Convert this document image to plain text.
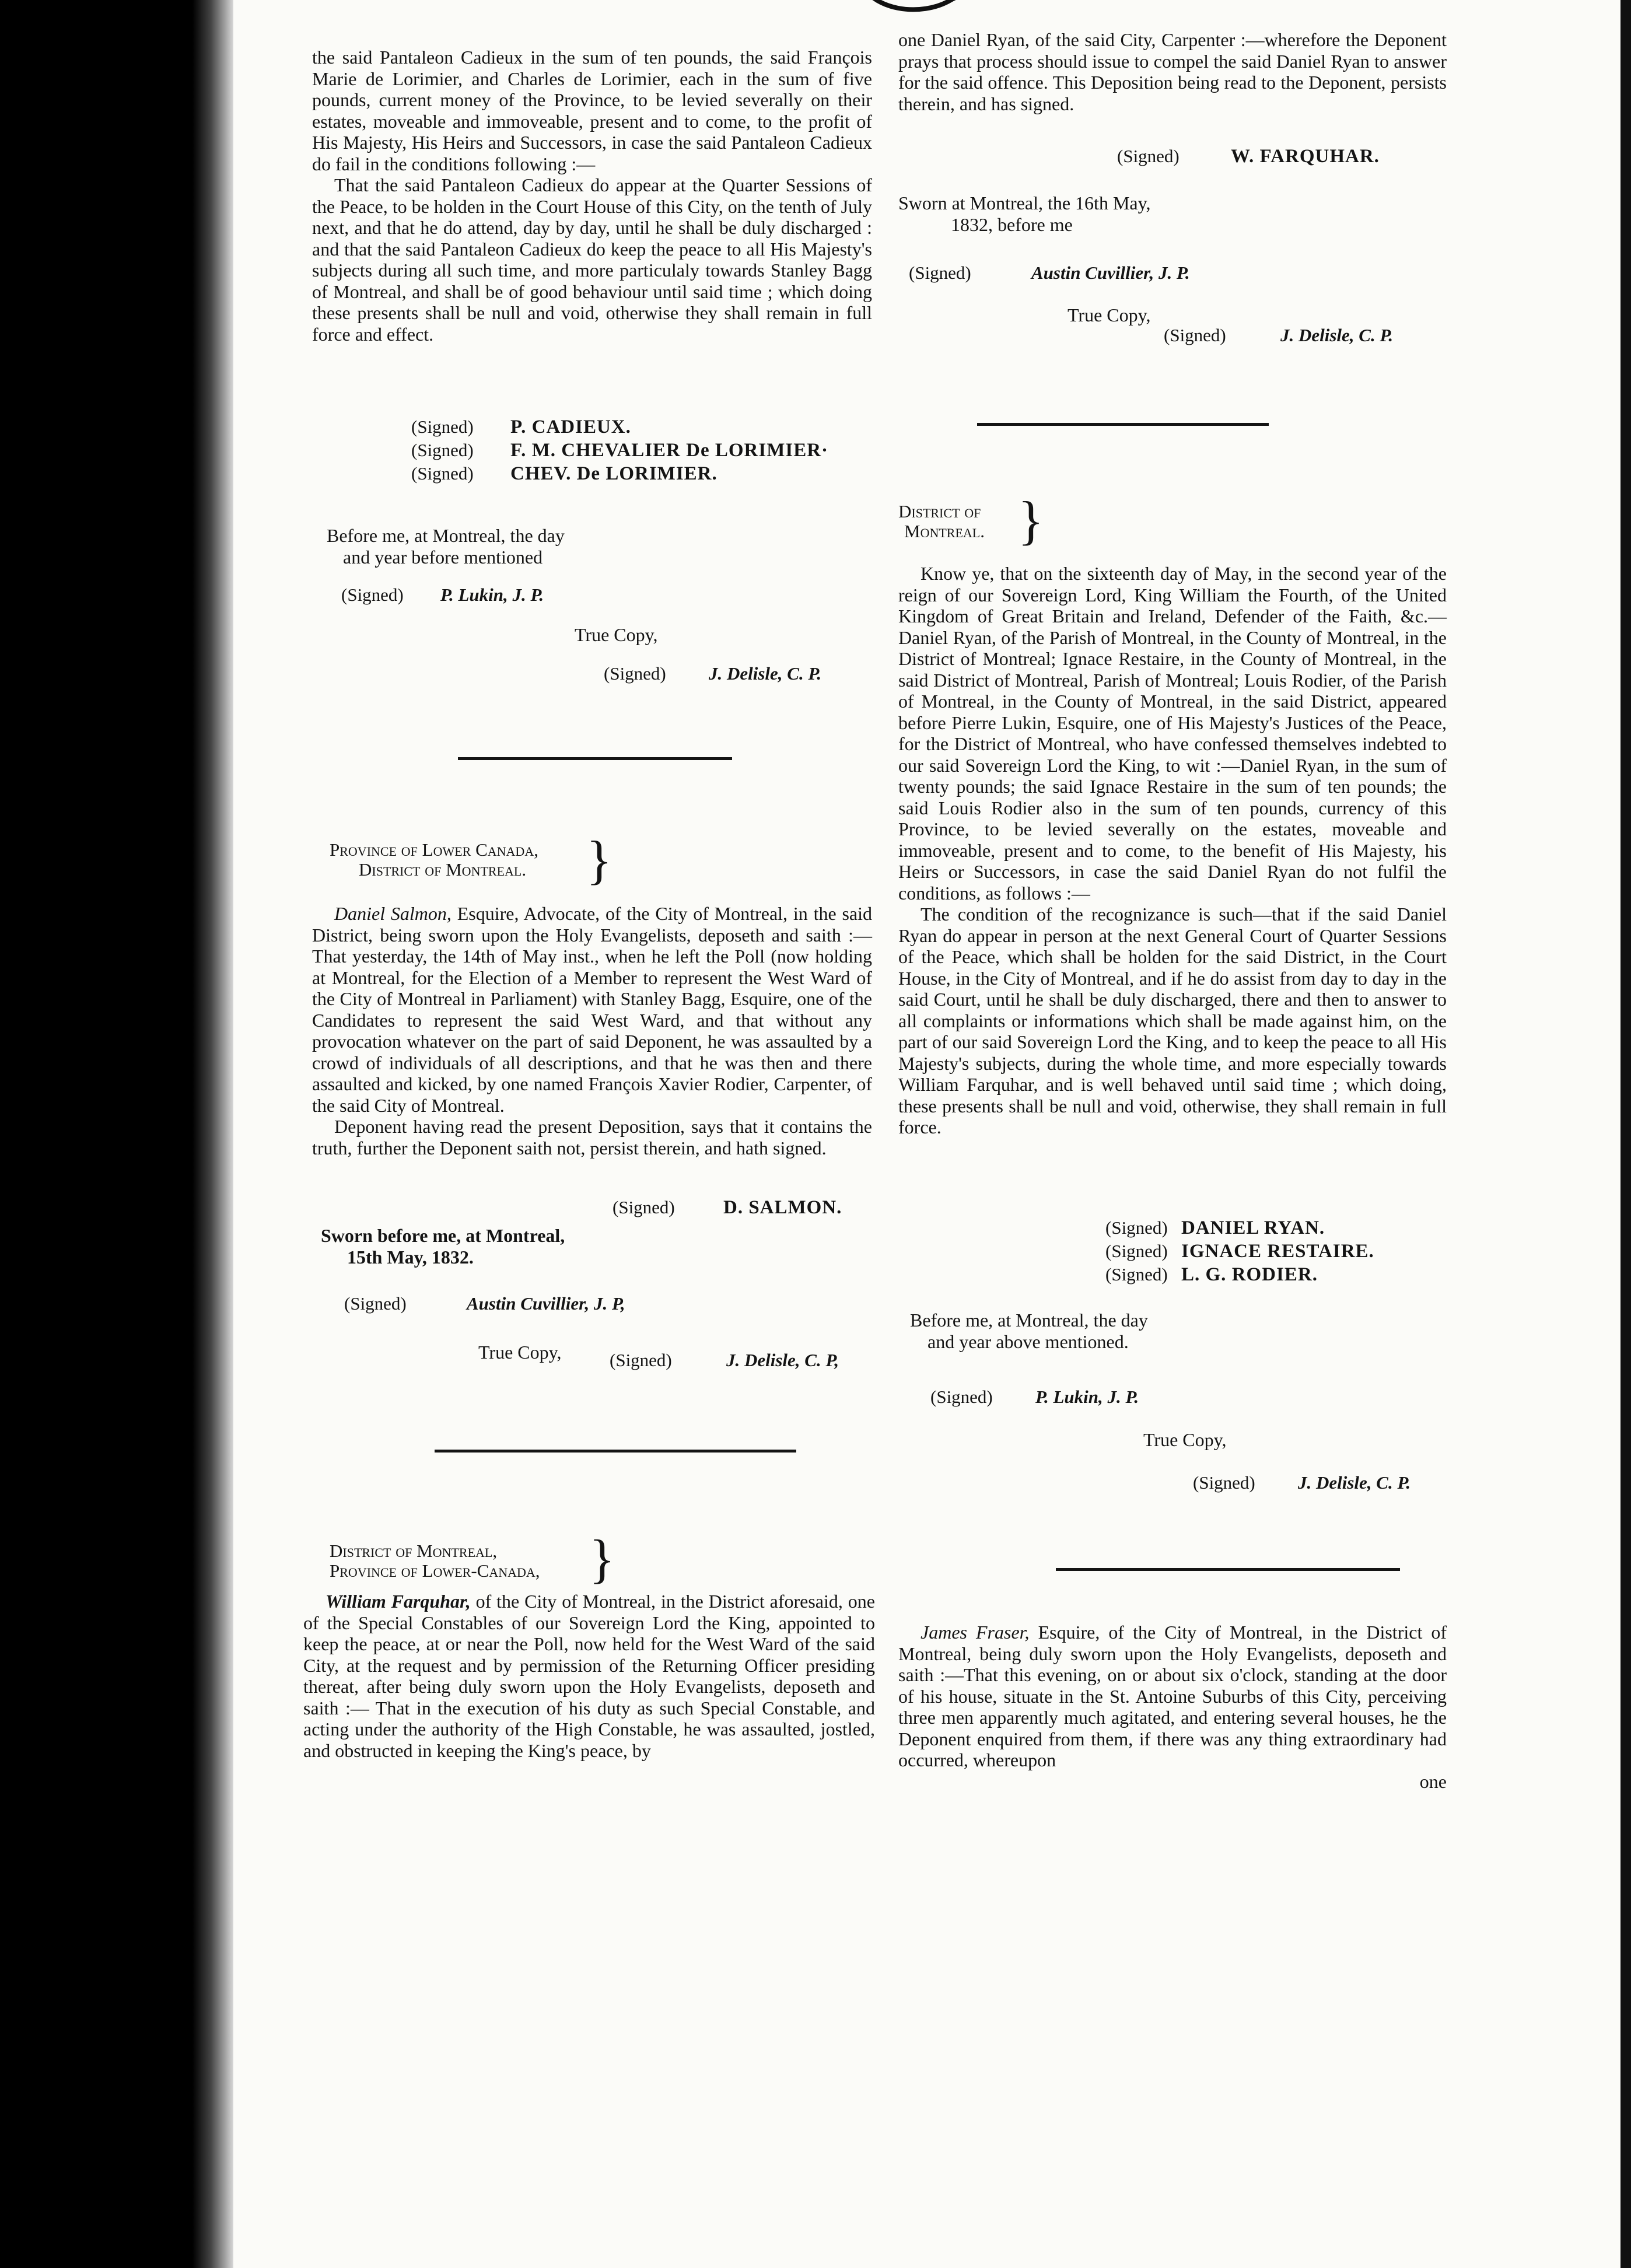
the said Pantaleon Cadieux in the sum of ten pounds, the said François Marie de Lorimier, and Charles de Lorimier, each in the sum of five pounds, current money of the Province, to be levied severally on their estates, moveable and immoveable, present and to come, to the profit of His Majesty, His Heirs and Successors, in case the said Pantaleon Cadieux do fail in the conditions following :—

That the said Pantaleon Cadieux do appear at the Quarter Sessions of the Peace, to be holden in the Court House of this City, on the tenth of July next, and that he do attend, day by day, until he shall be duly discharged : and that the said Pantaleon Cadieux do keep the peace to all His Majesty's subjects during all such time, and more particulaly towards Stanley Bagg of Montreal, and shall be of good behaviour until said time ; which doing these presents shall be null and void, otherwise they shall remain in full force and effect.

(Signed) P. CADIEUX.
(Signed) F. M. CHEVALIER De LORIMIER·
(Signed) CHEV. De LORIMIER.
Before me, at Montreal, the day
and year before mentioned
(Signed) P. Lukin, J. P.
True Copy,
(Signed) J. Delisle, C. P.
Province of Lower Canada,
District of Montreal.	}

Daniel Salmon, Esquire, Advocate, of the City of Montreal, in the said District, being sworn upon the Holy Evangelists, deposeth and saith :—That yesterday, the 14th of May inst., when he left the Poll (now holding at Montreal, for the Election of a Member to represent the West Ward of the City of Montreal in Parliament) with Stanley Bagg, Esquire, one of the Candidates to represent the said West Ward, and that without any provocation whatever on the part of said Deponent, he was assaulted by a crowd of individuals of all descriptions, and that he was then and there assaulted and kicked, by one named François Xavier Rodier, Carpenter, of the said City of Montreal.

Deponent having read the present Deposition, says that it contains the truth, further the Deponent saith not, persist therein, and hath signed.

(Signed)	D. SALMON.
Sworn before me, at Montreal,
15th May, 1832.
(Signed)	Austin Cuvillier, J. P,
True Copy,	(Signed)	J. Delisle, C. P,
District of Montreal,
Province of Lower-Canada, }

William Farquhar, of the City of Montreal, in the District aforesaid, one of the Special Constables of our Sovereign Lord the King, appointed to keep the peace, at or near the Poll, now held for the West Ward of the said City, at the request and by permission of the Returning Officer presiding thereat, after being duly sworn upon the Holy Evangelists, deposeth and saith :— That in the execution of his duty as such Special Constable, and acting under the authority of the High Constable, he was assaulted, jostled, and obstructed in keeping the King's peace, by

one Daniel Ryan, of the said City, Carpenter :—wherefore the Deponent prays that process should issue to compel the said Daniel Ryan to answer for the said offence. This Deposition being read to the Deponent, persists therein, and has signed.

(Signed)	W. FARQUHAR.
Sworn at Montreal, the 16th May,
1832, before me
(Signed)	Austin Cuvillier, J. P.
True Copy,
(Signed)	J. Delisle, C. P.
District of
Montreal. }

Know ye, that on the sixteenth day of May, in the second year of the reign of our Sovereign Lord, King William the Fourth, of the United Kingdom of Great Britain and Ireland, Defender of the Faith, &c.—Daniel Ryan, of the Parish of Montreal, in the County of Montreal, in the District of Montreal; Ignace Restaire, in the County of Montreal, in the said District of Montreal, Parish of Montreal; Louis Rodier, of the Parish of Montreal, in the County of Montreal, in the said District, appeared before Pierre Lukin, Esquire, one of His Majesty's Justices of the Peace, for the District of Montreal, who have confessed themselves indebted to our said Sovereign Lord the King, to wit :—Daniel Ryan, in the sum of twenty pounds; the said Ignace Restaire in the sum of ten pounds; the said Louis Rodier also in the sum of ten pounds, currency of this Province, to be levied severally on the estates, moveable and immoveable, present and to come, to the benefit of His Majesty, his Heirs or Successors, in case the said Daniel Ryan do not fulfil the conditions, as follows :—

The condition of the recognizance is such—that if the said Daniel Ryan do appear in person at the next General Court of Quarter Sessions of the Peace, which shall be holden for the said District, in the Court House, in the City of Montreal, and if he do assist from day to day in the said Court, until he shall be duly discharged, there and then to answer to all complaints or informations which shall be made against him, on the part of our said Sovereign Lord the King, and to keep the peace to all His Majesty's subjects, during the whole time, and more especially towards William Farquhar, and is well behaved until said time ; which doing, these presents shall be null and void, otherwise, they shall remain in full force.

(Signed) DANIEL RYAN.
(Signed) IGNACE RESTAIRE.
(Signed) L. G. RODIER.
Before me, at Montreal, the day
and year above mentioned.
(Signed) P. Lukin, J. P.
True Copy,
(Signed) J. Delisle, C. P.

James Fraser, Esquire, of the City of Montreal, in the District of Montreal, being duly sworn upon the Holy Evangelists, deposeth and saith :—That this evening, on or about six o'clock, standing at the door of his house, situate in the St. Antoine Suburbs of this City, perceiving three men apparently much agitated, and entering several houses, he the Deponent enquired from them, if there was any thing extraordinary had occurred, whereupon

one
